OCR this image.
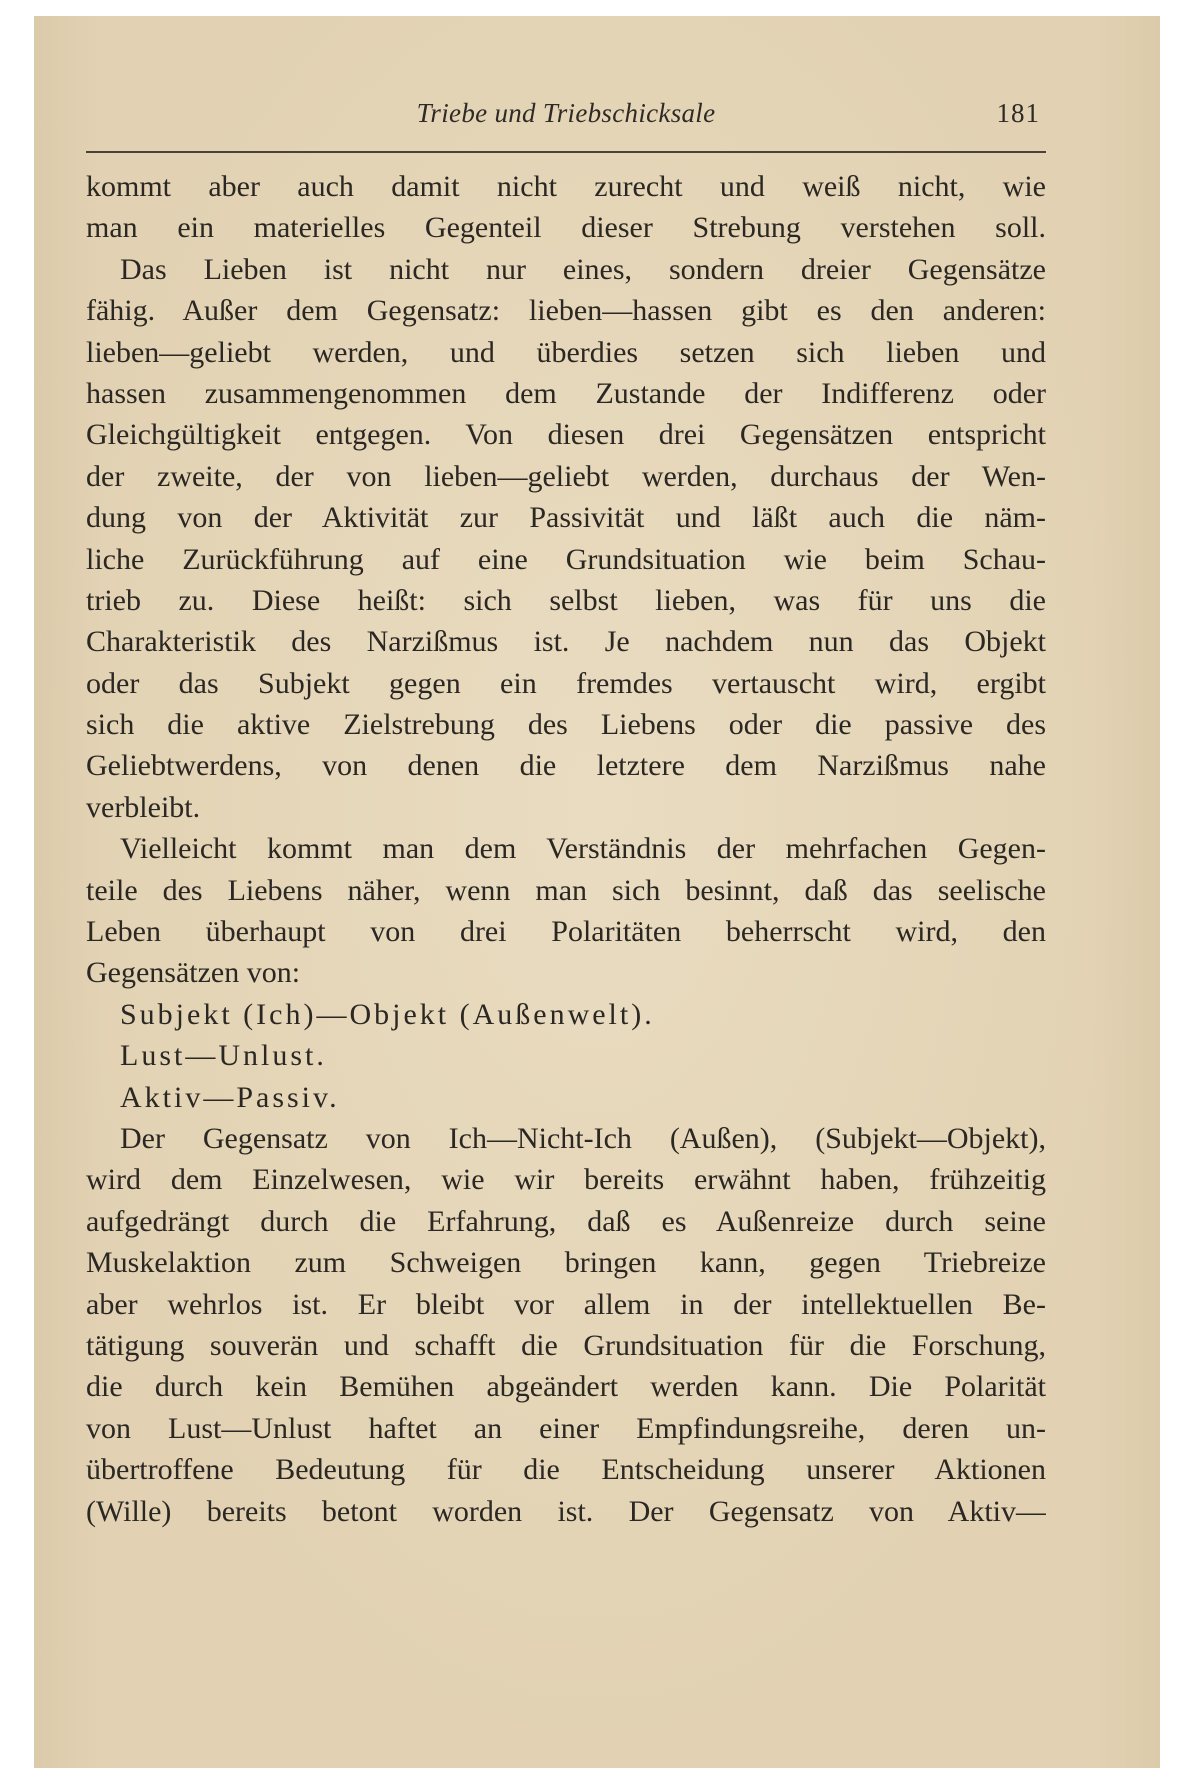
Triebe und Triebschicksale	181
kommt aber auch damit nicht zurecht und weiß nicht, wie
man ein materielles Gegenteil dieser Strebung verstehen soll.
Das Lieben ist nicht nur eines, sondern dreier Gegensätze
fähig. Außer dem Gegensatz: lieben—hassen gibt es den anderen:
lieben—geliebt werden, und überdies setzen sich lieben und
hassen zusammengenommen dem Zustande der Indifferenz oder
Gleichgültigkeit entgegen. Von diesen drei Gegensätzen entspricht
der zweite, der von lieben—geliebt werden, durchaus der Wen-
dung von der Aktivität zur Passivität und läßt auch die näm-
liche Zurückführung auf eine Grundsituation wie beim Schau-
trieb zu. Diese heißt: sich selbst lieben, was für uns die
Charakteristik des Narzißmus ist. Je nachdem nun das Objekt
oder das Subjekt gegen ein fremdes vertauscht wird, ergibt
sich die aktive Zielstrebung des Liebens oder die passive des
Geliebtwerdens, von denen die letztere dem Narzißmus nahe
verbleibt.
Vielleicht kommt man dem Verständnis der mehrfachen Gegen-
teile des Liebens näher, wenn man sich besinnt, daß das seelische
Leben überhaupt von drei Polaritäten beherrscht wird, den
Gegensätzen von:
Subjekt (Ich)—Objekt (Außenwelt).
Lust—Unlust.
Aktiv—Passiv.
Der Gegensatz von Ich—Nicht-Ich (Außen), (Subjekt—Objekt),
wird dem Einzelwesen, wie wir bereits erwähnt haben, frühzeitig
aufgedrängt durch die Erfahrung, daß es Außenreize durch seine
Muskelaktion zum Schweigen bringen kann, gegen Triebreize
aber wehrlos ist. Er bleibt vor allem in der intellektuellen Be-
tätigung souverän und schafft die Grundsituation für die Forschung,
die durch kein Bemühen abgeändert werden kann. Die Polarität
von Lust—Unlust haftet an einer Empfindungsreihe, deren un-
übertroffene Bedeutung für die Entscheidung unserer Aktionen
(Wille) bereits betont worden ist. Der Gegensatz von Aktiv—
